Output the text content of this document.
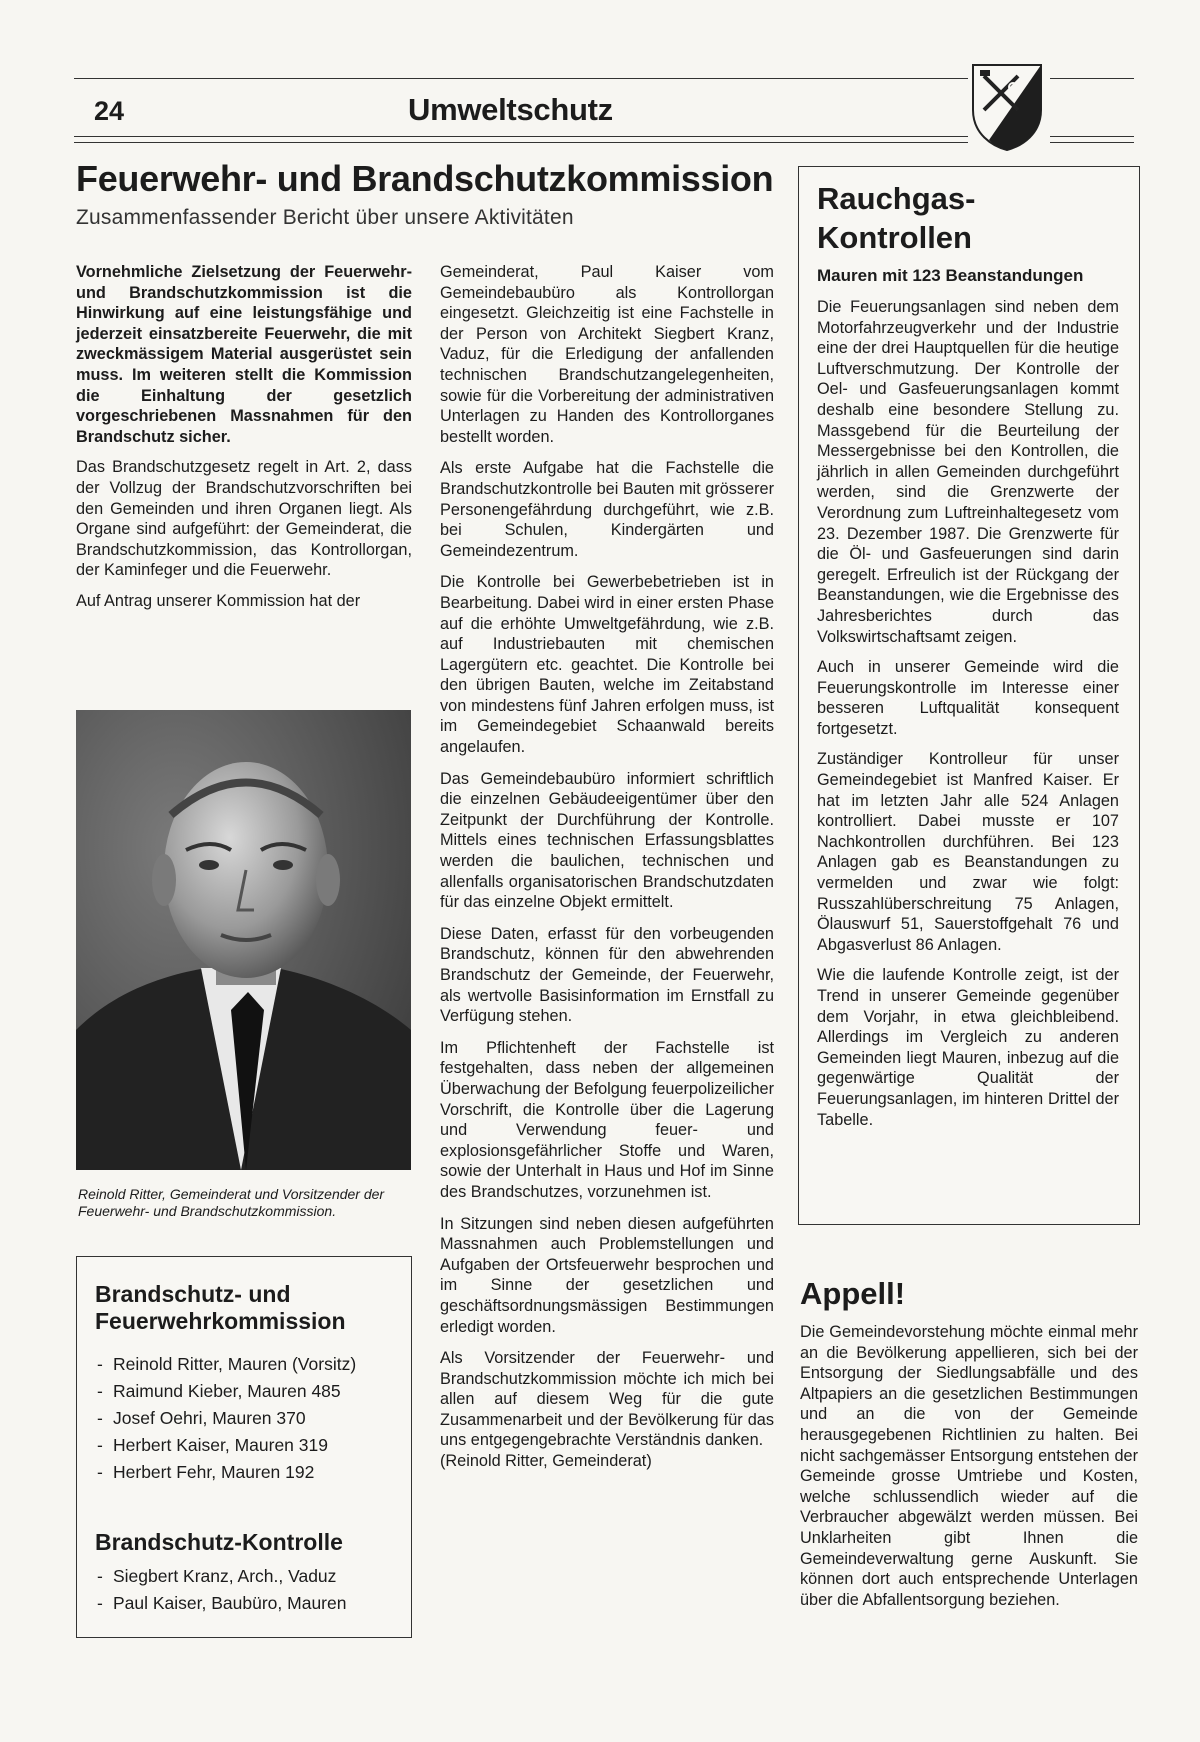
24	Umweltschutz
Feuerwehr- und Brandschutzkommission
Zusammenfassender Bericht über unsere Aktivitäten

Vornehmliche Zielsetzung der Feuerwehr- und Brandschutzkommission ist die Hinwirkung auf eine leistungsfähige und jederzeit einsatzbereite Feuerwehr, die mit zweckmässigem Material ausgerüstet sein muss. Im weiteren stellt die Kommission die Einhaltung der gesetzlich vorgeschriebenen Massnahmen für den Brandschutz sicher.

Das Brandschutzgesetz regelt in Art. 2, dass der Vollzug der Brandschutzvorschriften bei den Gemeinden und ihren Organen liegt. Als Organe sind aufgeführt: der Gemeinderat, die Brandschutzkommission, das Kontrollorgan, der Kaminfeger und die Feuerwehr.

Auf Antrag unserer Kommission hat der

Reinold Ritter, Gemeinderat und Vorsitzender der Feuerwehr- und Brandschutzkommission.
Brandschutz- und Feuerwehrkommission
- Reinold Ritter, Mauren (Vorsitz)
- Raimund Kieber, Mauren 485
- Josef Oehri, Mauren 370
- Herbert Kaiser, Mauren 319
- Herbert Fehr, Mauren 192
Brandschutz-Kontrolle
- Siegbert Kranz, Arch., Vaduz
- Paul Kaiser, Baubüro, Mauren

Gemeinderat, Paul Kaiser vom Gemeindebaubüro als Kontrollorgan eingesetzt. Gleichzeitig ist eine Fachstelle in der Person von Architekt Siegbert Kranz, Vaduz, für die Erledigung der anfallenden technischen Brandschutzangelegenheiten, sowie für die Vorbereitung der administrativen Unterlagen zu Handen des Kontrollorganes bestellt worden.

Als erste Aufgabe hat die Fachstelle die Brandschutzkontrolle bei Bauten mit grösserer Personengefährdung durchgeführt, wie z.B. bei Schulen, Kindergärten und Gemeindezentrum.

Die Kontrolle bei Gewerbebetrieben ist in Bearbeitung. Dabei wird in einer ersten Phase auf die erhöhte Umweltgefährdung, wie z.B. auf Industriebauten mit chemischen Lagergütern etc. geachtet. Die Kontrolle bei den übrigen Bauten, welche im Zeitabstand von mindestens fünf Jahren erfolgen muss, ist im Gemeindegebiet Schaanwald bereits angelaufen.

Das Gemeindebaubüro informiert schriftlich die einzelnen Gebäudeeigentümer über den Zeitpunkt der Durchführung der Kontrolle. Mittels eines technischen Erfassungsblattes werden die baulichen, technischen und allenfalls organisatorischen Brandschutzdaten für das einzelne Objekt ermittelt.

Diese Daten, erfasst für den vorbeugenden Brandschutz, können für den abwehrenden Brandschutz der Gemeinde, der Feuerwehr, als wertvolle Basisinformation im Ernstfall zu Verfügung stehen.

Im Pflichtenheft der Fachstelle ist festgehalten, dass neben der allgemeinen Überwachung der Befolgung feuerpolizeilicher Vorschrift, die Kontrolle über die Lagerung und Verwendung feuer- und explosionsgefährlicher Stoffe und Waren, sowie der Unterhalt in Haus und Hof im Sinne des Brandschutzes, vorzunehmen ist.

In Sitzungen sind neben diesen aufgeführten Massnahmen auch Problemstellungen und Aufgaben der Ortsfeuerwehr besprochen und im Sinne der gesetzlichen und geschäftsordnungsmässigen Bestimmungen erledigt worden.

Als Vorsitzender der Feuerwehr- und Brandschutzkommission möchte ich mich bei allen auf diesem Weg für die gute Zusammenarbeit und der Bevölkerung für das uns entgegengebrachte Verständnis danken.

(Reinold Ritter, Gemeinderat)

Rauchgas-
Kontrollen
Mauren mit 123 Beanstandungen

Die Feuerungsanlagen sind neben dem Motorfahrzeugverkehr und der Industrie eine der drei Hauptquellen für die heutige Luftverschmutzung. Der Kontrolle der Oel- und Gasfeuerungsanlagen kommt deshalb eine besondere Stellung zu. Massgebend für die Beurteilung der Messergebnisse bei den Kontrollen, die jährlich in allen Gemeinden durchgeführt werden, sind die Grenzwerte der Verordnung zum Luftreinhaltegesetz vom 23. Dezember 1987. Die Grenzwerte für die Öl- und Gasfeuerungen sind darin geregelt. Erfreulich ist der Rückgang der Beanstandungen, wie die Ergebnisse des Jahresberichtes durch das Volkswirtschaftsamt zeigen.

Auch in unserer Gemeinde wird die Feuerungskontrolle im Interesse einer besseren Luftqualität konsequent fortgesetzt.

Zuständiger Kontrolleur für unser Gemeindegebiet ist Manfred Kaiser. Er hat im letzten Jahr alle 524 Anlagen kontrolliert. Dabei musste er 107 Nachkontrollen durchführen. Bei 123 Anlagen gab es Beanstandungen zu vermelden und zwar wie folgt: Russzahlüberschreitung 75 Anlagen, Ölauswurf 51, Sauerstoffgehalt 76 und Abgasverlust 86 Anlagen.

Wie die laufende Kontrolle zeigt, ist der Trend in unserer Gemeinde gegenüber dem Vorjahr, in etwa gleichbleibend. Allerdings im Vergleich zu anderen Gemeinden liegt Mauren, inbezug auf die gegenwärtige Qualität der Feuerungsanlagen, im hinteren Drittel der Tabelle.

Appell!

Die Gemeindevorstehung möchte einmal mehr an die Bevölkerung appellieren, sich bei der Entsorgung der Siedlungsabfälle und des Altpapiers an die gesetzlichen Bestimmungen und an die von der Gemeinde herausgegebenen Richtlinien zu halten. Bei nicht sachgemässer Entsorgung entstehen der Gemeinde grosse Umtriebe und Kosten, welche schlussendlich wieder auf die Verbraucher abgewälzt werden müssen. Bei Unklarheiten gibt Ihnen die Gemeindeverwaltung gerne Auskunft. Sie können dort auch entsprechende Unterlagen über die Abfallentsorgung beziehen.
